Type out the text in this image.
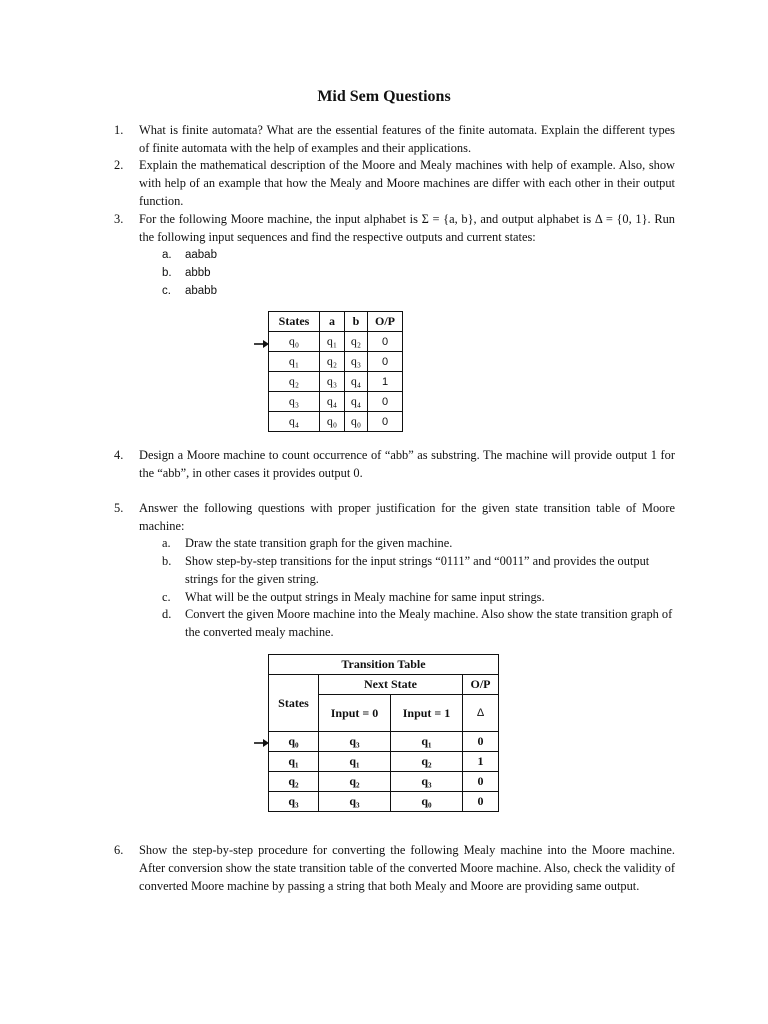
Mid Sem Questions
1. What is finite automata? What are the essential features of the finite automata. Explain the different types of finite automata with the help of examples and their applications.
2. Explain the mathematical description of the Moore and Mealy machines with help of example. Also, show with help of an example that how the Mealy and Moore machines are differ with each other in their output function.
3. For the following Moore machine, the input alphabet is Σ = {a, b}, and output alphabet is Δ = {0, 1}. Run the following input sequences and find the respective outputs and current states:
a. aabab
b. abbb
c. ababb
States	a	b	O/P
q₀	q₁	q₂	0
q₁	q₂	q₃	0
q₂	q₃	q₄	1
q₃	q₄	q₄	0
q₄	q₀	q₀	0
4. Design a Moore machine to count occurrence of “abb” as substring. The machine will provide output 1 for the “abb”, in other cases it provides output 0.
5. Answer the following questions with proper justification for the given state transition table of Moore machine:
a. Draw the state transition graph for the given machine.
b. Show step-by-step transitions for the input strings “0111” and “0011” and provides the output strings for the given string.
c. What will be the output strings in Mealy machine for same input strings.
d. Convert the given Moore machine into the Mealy machine. Also show the state transition graph of the converted mealy machine.
Transition Table			
States	Next State		O/P
	Input = 0	Input = 1	Δ
q₀	q₃	q₁	0
q₁	q₁	q₂	1
q₂	q₂	q₃	0
q₃	q₃	q₀	0
6. Show the step-by-step procedure for converting the following Mealy machine into the Moore machine. After conversion show the state transition table of the converted Moore machine. Also, check the validity of converted Moore machine by passing a string that both Mealy and Moore are providing same output.
